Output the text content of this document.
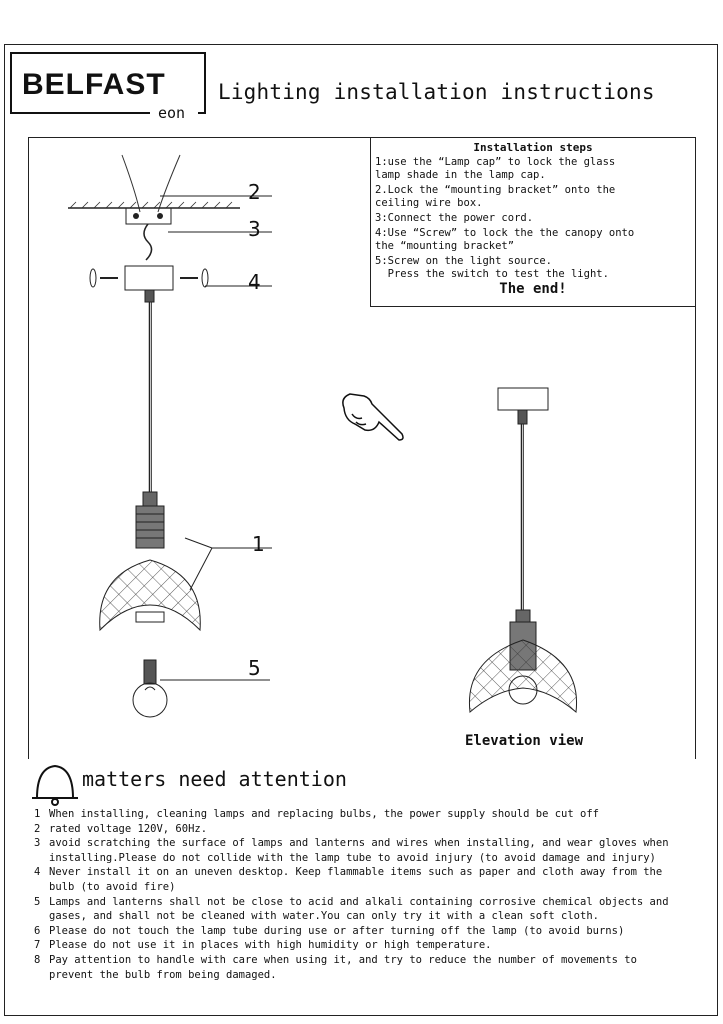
BELFAST
eon
Lighting installation instructions
Installation steps
1:use the “Lamp cap” to lock the glass
lamp shade in the lamp cap.
2.Lock the “mounting bracket” onto the
ceiling wire box.
3:Connect the power cord.
4:Use “Screw” to lock the the canopy onto
the “mounting bracket”
5:Screw on the light source.
Press the switch to test the light.
The end!
2
3
4
1
5
Elevation view
matters need attention
1 When installing, cleaning lamps and replacing bulbs, the power supply should be cut off
2 rated voltage 120V, 60Hz.
3 avoid scratching the surface of lamps and lanterns and wires when installing, and wear gloves when installing.Please do not collide with the lamp tube to avoid injury (to avoid damage and injury)
4 Never install it on an uneven desktop. Keep flammable items such as paper and cloth away from the bulb (to avoid fire)
5 Lamps and lanterns shall not be close to acid and alkali containing corrosive chemical objects and gases, and shall not be cleaned with water.You can only try it with a clean soft cloth.
6 Please do not touch the lamp tube during use or after turning off the lamp (to avoid burns)
7 Please do not use it in places with high humidity or high temperature.
8 Pay attention to handle with care when using it, and try to reduce the number of movements to prevent the bulb from being damaged.
